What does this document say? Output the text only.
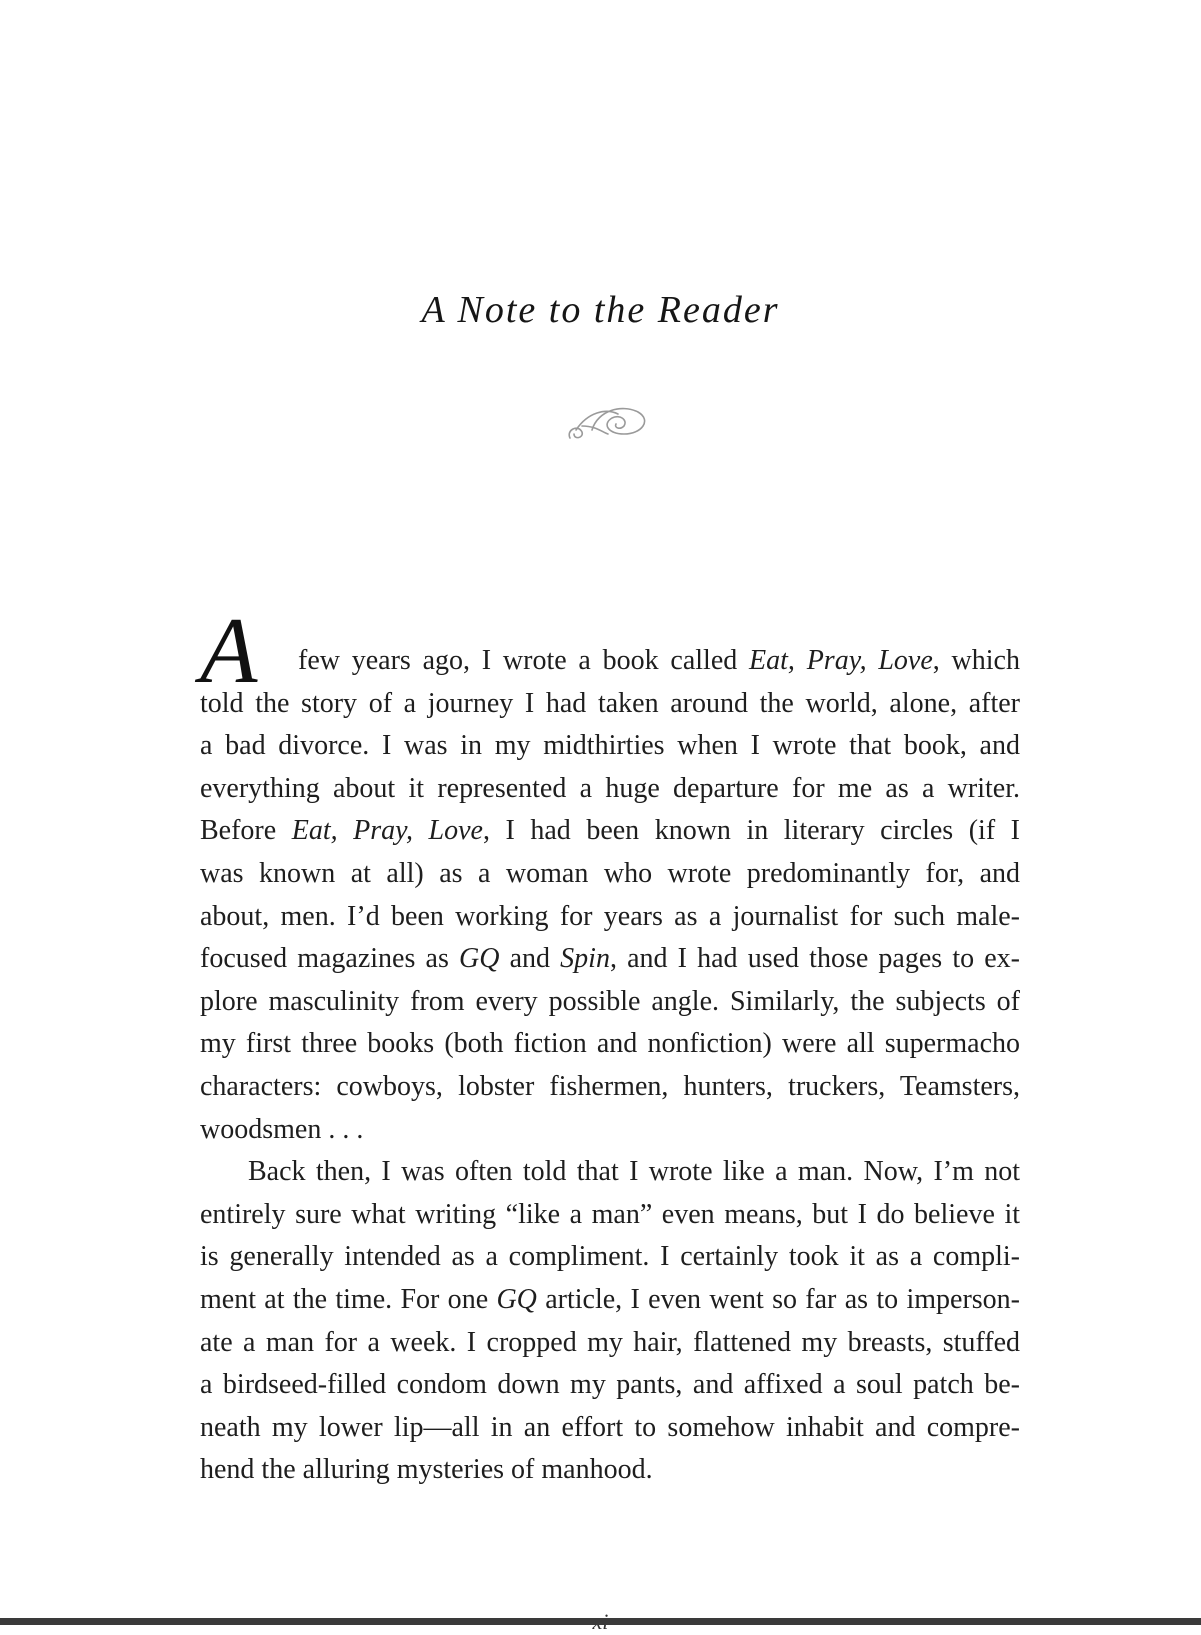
A Note to the Reader
A few years ago, I wrote a book called Eat, Pray, Love, which
told the story of a journey I had taken around the world, alone, after
a bad divorce. I was in my midthirties when I wrote that book, and
everything about it represented a huge departure for me as a writer.
Before Eat, Pray, Love, I had been known in literary circles (if I
was known at all) as a woman who wrote predominantly for, and
about, men. I’d been working for years as a journalist for such male-
focused magazines as GQ and Spin, and I had used those pages to ex-
plore masculinity from every possible angle. Similarly, the subjects of
my first three books (both fiction and nonfiction) were all supermacho
characters: cowboys, lobster fishermen, hunters, truckers, Teamsters,
woodsmen . . .
Back then, I was often told that I wrote like a man. Now, I’m not
entirely sure what writing “like a man” even means, but I do believe it
is generally intended as a compliment. I certainly took it as a compli-
ment at the time. For one GQ article, I even went so far as to imperson-
ate a man for a week. I cropped my hair, flattened my breasts, stuffed
a birdseed-filled condom down my pants, and affixed a soul patch be-
neath my lower lip—all in an effort to somehow inhabit and compre-
hend the alluring mysteries of manhood.
